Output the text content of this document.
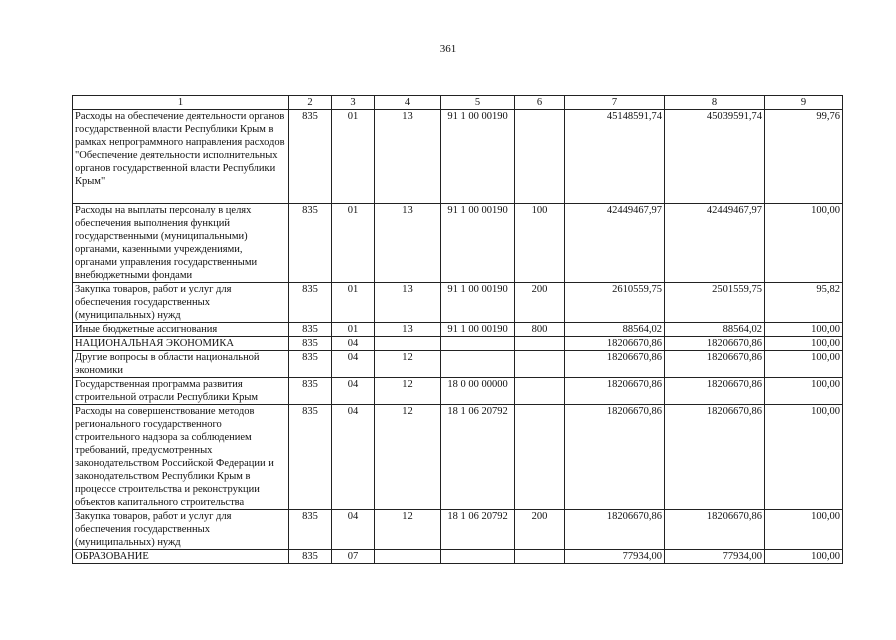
361
1	2	3	4	5	6	7	8	9
Расходы на обеспечение деятельности органов государственной власти Республики Крым в рамках непрограммного направления расходов "Обеспечение деятельности исполнительных органов государственной власти Республики Крым"	835	01	13	91 1 00 00190		45148591,74	45039591,74	99,76
Расходы на выплаты персоналу в целях обеспечения выполнения функций государственными (муниципальными) органами, казенными учреждениями, органами управления государственными внебюджетными фондами	835	01	13	91 1 00 00190	100	42449467,97	42449467,97	100,00
Закупка товаров, работ и услуг для обеспечения государственных (муниципальных) нужд	835	01	13	91 1 00 00190	200	2610559,75	2501559,75	95,82
Иные бюджетные ассигнования	835	01	13	91 1 00 00190	800	88564,02	88564,02	100,00
НАЦИОНАЛЬНАЯ ЭКОНОМИКА	835	04				18206670,86	18206670,86	100,00
Другие вопросы в области национальной экономики	835	04	12			18206670,86	18206670,86	100,00
Государственная программа развития строительной отрасли Республики Крым	835	04	12	18 0 00 00000		18206670,86	18206670,86	100,00
Расходы на совершенствование методов регионального государственного строительного надзора за соблюдением требований, предусмотренных законодательством Российской Федерации и законодательством Республики Крым в процессе строительства и реконструкции объектов капитального строительства	835	04	12	18 1 06 20792		18206670,86	18206670,86	100,00
Закупка товаров, работ и услуг для обеспечения государственных (муниципальных) нужд	835	04	12	18 1 06 20792	200	18206670,86	18206670,86	100,00
ОБРАЗОВАНИЕ	835	07				77934,00	77934,00	100,00
